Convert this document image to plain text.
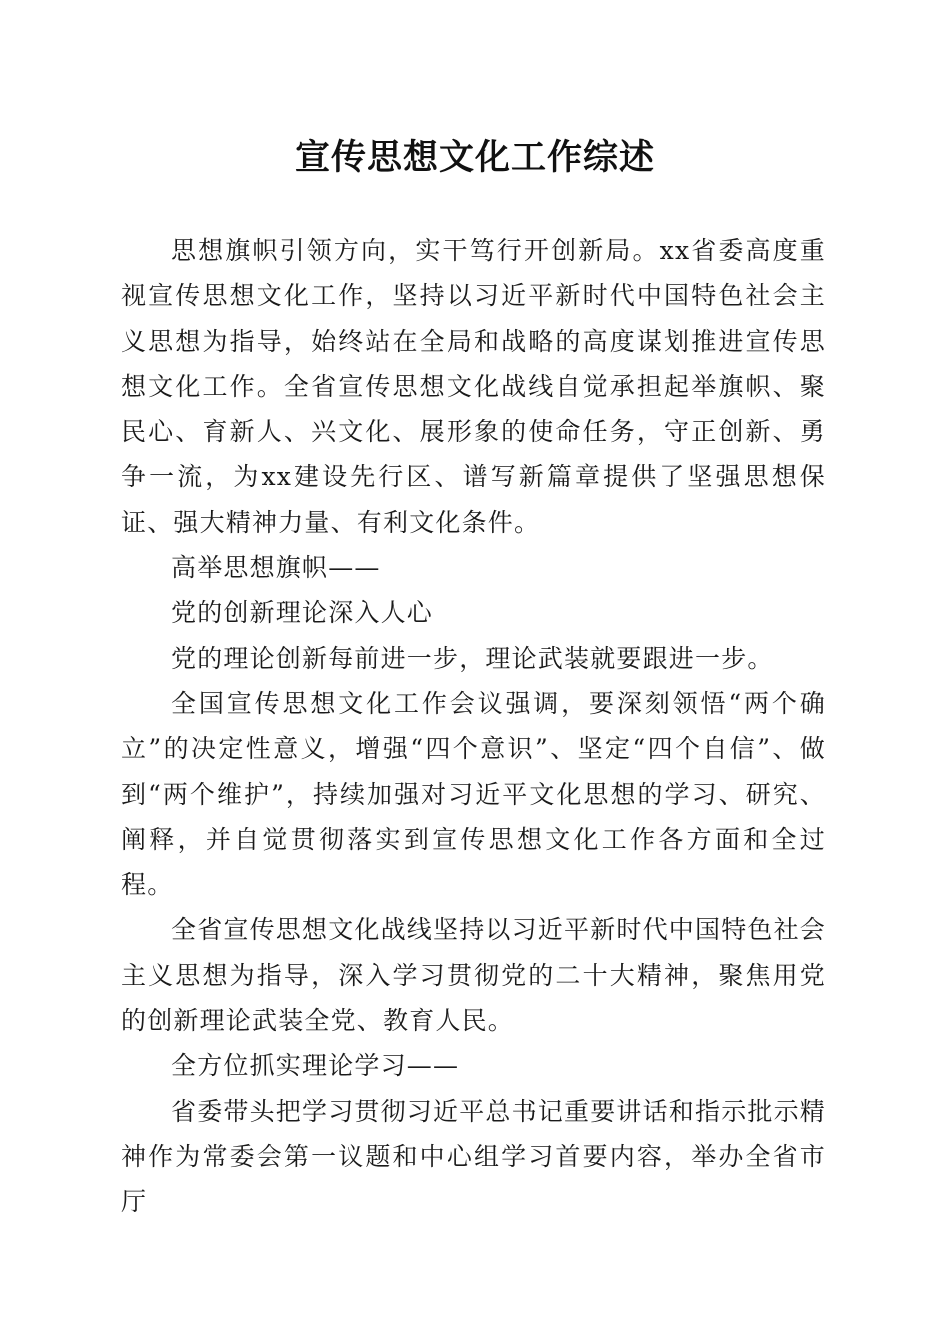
宣传思想文化工作综述

思想旗帜引领方向，实干笃行开创新局。xx省委高度重视宣传思想文化工作，坚持以习近平新时代中国特色社会主义思想为指导，始终站在全局和战略的高度谋划推进宣传思想文化工作。全省宣传思想文化战线自觉承担起举旗帜、聚民心、育新人、兴文化、展形象的使命任务，守正创新、勇争一流，为xx建设先行区、谱写新篇章提供了坚强思想保证、强大精神力量、有利文化条件。

高举思想旗帜——

党的创新理论深入人心

党的理论创新每前进一步，理论武装就要跟进一步。

全国宣传思想文化工作会议强调，要深刻领悟“两个确立”的决定性意义，增强“四个意识”、坚定“四个自信”、做到“两个维护”，持续加强对习近平文化思想的学习、研究、阐释，并自觉贯彻落实到宣传思想文化工作各方面和全过程。

全省宣传思想文化战线坚持以习近平新时代中国特色社会主义思想为指导，深入学习贯彻党的二十大精神，聚焦用党的创新理论武装全党、教育人民。

全方位抓实理论学习——

省委带头把学习贯彻习近平总书记重要讲话和指示批示精神作为常委会第一议题和中心组学习首要内容，举办全省市厅
